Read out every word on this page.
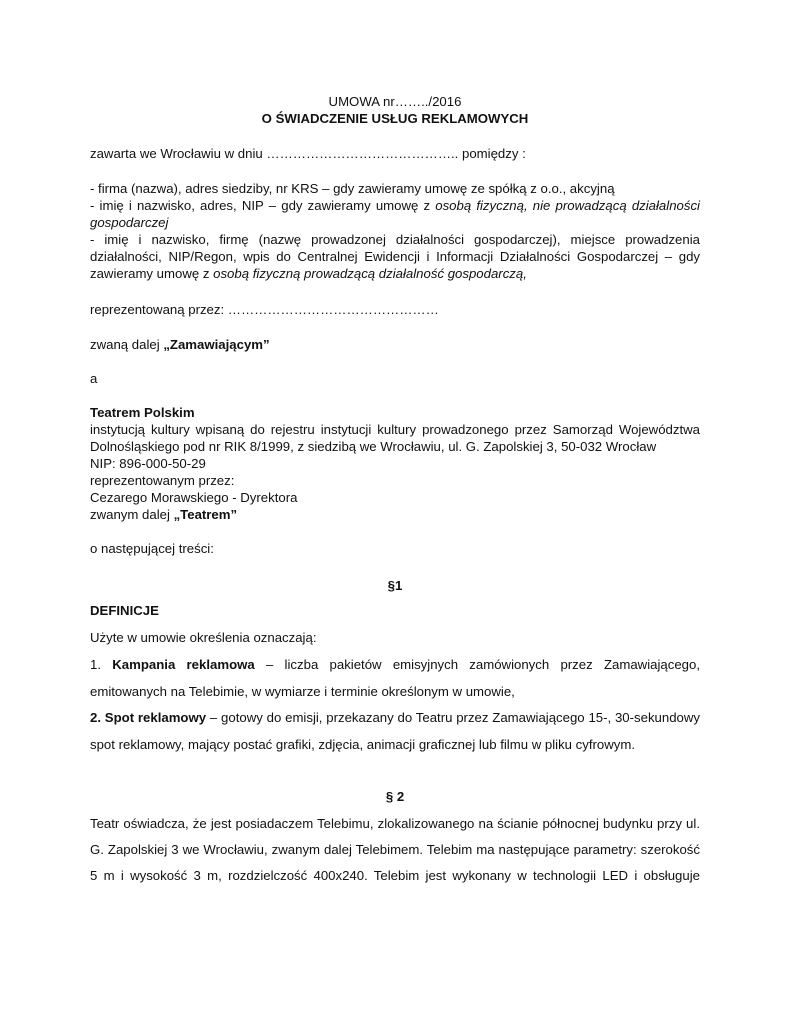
UMOWA nr……../2016
O ŚWIADCZENIE USŁUG REKLAMOWYCH
zawarta we Wrocławiu w dniu …………………………………….. pomiędzy :
- firma (nazwa), adres siedziby, nr KRS – gdy zawieramy umowę ze spółką z o.o., akcyjną
- imię i nazwisko, adres, NIP – gdy zawieramy umowę z osobą fizyczną, nie prowadzącą działalności
gospodarczej
- imię i nazwisko, firmę (nazwę prowadzonej działalności gospodarczej), miejsce prowadzenia
działalności, NIP/Regon, wpis do Centralnej Ewidencji i Informacji Działalności Gospodarczej – gdy
zawieramy umowę z osobą fizyczną prowadzącą działalność gospodarczą,
reprezentowaną przez: …………………………………………
zwaną dalej „Zamawiającym”
a
Teatrem Polskim
instytucją kultury wpisaną do rejestru instytucji kultury prowadzonego przez Samorząd Województwa
Dolnośląskiego pod nr RIK 8/1999, z siedzibą we Wrocławiu, ul. G. Zapolskiej 3, 50-032 Wrocław
NIP: 896-000-50-29
reprezentowanym przez:
Cezarego Morawskiego - Dyrektora
zwanym dalej „Teatrem”
o następującej treści:
§1
DEFINICJE
Użyte w umowie określenia oznaczają:
1. Kampania reklamowa – liczba pakietów emisyjnych zamówionych przez Zamawiającego,
emitowanych na Telebimie, w wymiarze i terminie określonym w umowie,
2. Spot reklamowy – gotowy do emisji, przekazany do Teatru przez Zamawiającego 15-, 30-sekundowy
spot reklamowy, mający postać grafiki, zdjęcia, animacji graficznej lub filmu w pliku cyfrowym.
§ 2
Teatr oświadcza, że jest posiadaczem Telebimu, zlokalizowanego na ścianie północnej budynku przy ul.
G. Zapolskiej 3 we Wrocławiu, zwanym dalej Telebimem. Telebim ma następujące parametry: szerokość
5 m i wysokość 3 m, rozdzielczość 400x240. Telebim jest wykonany w technologii LED i obsługuje
